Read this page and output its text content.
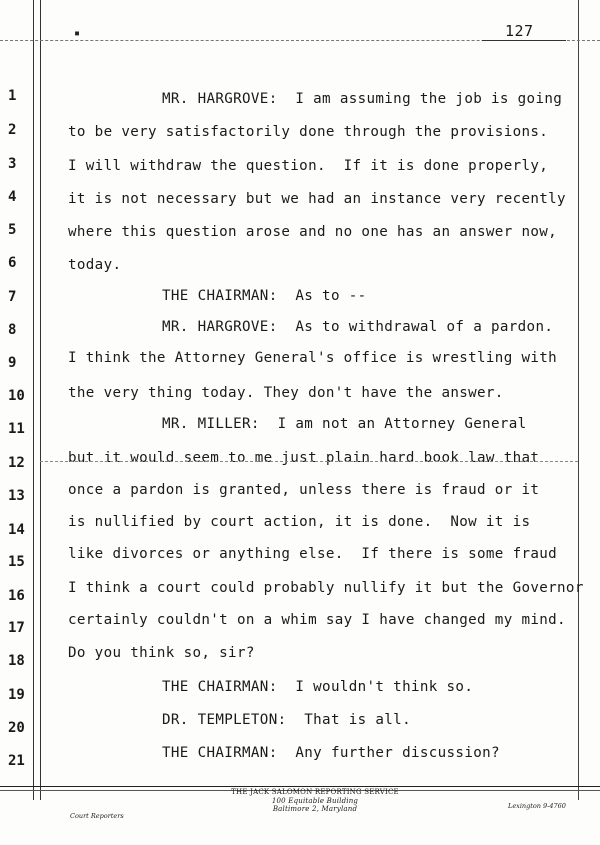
▪	127
1
2
3
4
5
6
7
8
9
10
11
12
13
14
15
16
17
18
19
20
21
MR. HARGROVE:  I am assuming the job is going
to be very satisfactorily done through the provisions.
I will withdraw the question.  If it is done properly,
it is not necessary but we had an instance very recently
where this question arose and no one has an answer now,
today.
THE CHAIRMAN:  As to --
MR. HARGROVE:  As to withdrawal of a pardon.
I think the Attorney General's office is wrestling with
the very thing today. They don't have the answer.
MR. MILLER:  I am not an Attorney General
but it would seem to me just plain hard book law that
once a pardon is granted, unless there is fraud or it
is nullified by court action, it is done.  Now it is
like divorces or anything else.  If there is some fraud
I think a court could probably nullify it but the Governor
certainly couldn't on a whim say I have changed my mind.
Do you think so, sir?
THE CHAIRMAN:  I wouldn't think so.
DR. TEMPLETON:  That is all.
THE CHAIRMAN:  Any further discussion?
THE JACK SALOMON REPORTING SERVICE
100 Equitable Building
Baltimore 2, Maryland
Court Reporters
Lexington 9-4760
